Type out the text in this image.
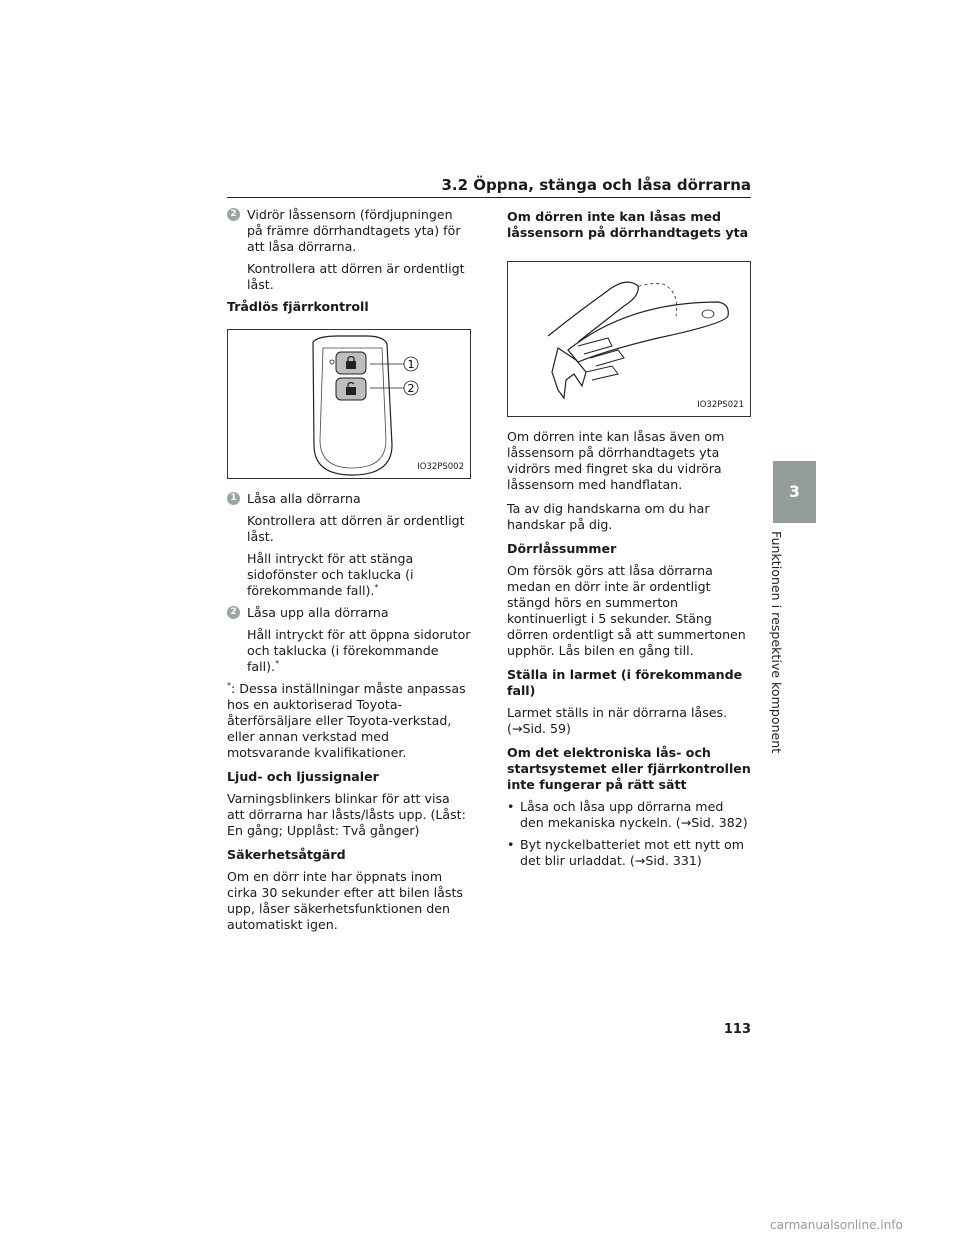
3.2 Öppna, stänga och låsa dörrarna
2 Vidrör låssensorn (fördjupningen på främre dörrhandtagets yta) för att låsa dörrarna.

Kontrollera att dörren är ordentligt låst.

Trådlös fjärrkontroll

1
2
IO32PS002
1 Låsa alla dörrarna

Kontrollera att dörren är ordentligt låst.

Håll intryckt för att stänga sidofönster och taklucka (i förekommande fall).*

2 Låsa upp alla dörrarna

Håll intryckt för att öppna sidorutor och taklucka (i förekommande fall).*

*: Dessa inställningar måste anpassas hos en auktoriserad Toyota-återförsäljare eller Toyota-verkstad, eller annan verkstad med motsvarande kvalifikationer.

Ljud- och ljussignaler

Varningsblinkers blinkar för att visa att dörrarna har låsts/låsts upp. (Låst: En gång; Upplåst: Två gånger)

Säkerhetsåtgärd

Om en dörr inte har öppnats inom cirka 30 sekunder efter att bilen låsts upp, låser säkerhetsfunktionen den automatiskt igen.

Om dörren inte kan låsas med låssensorn på dörrhandtagets yta

IO32PS021

Om dörren inte kan låsas även om låssensorn på dörrhandtagets yta vidrörs med fingret ska du vidröra låssensorn med handflatan.

Ta av dig handskarna om du har handskar på dig.

Dörrlåssummer

Om försök görs att låsa dörrarna medan en dörr inte är ordentligt stängd hörs en summerton kontinuerligt i 5 sekunder. Stäng dörren ordentligt så att summertonen upphör. Lås bilen en gång till.

Ställa in larmet (i förekommande fall)

Larmet ställs in när dörrarna låses. (→Sid. 59)

Om det elektroniska lås- och startsystemet eller fjärrkontrollen inte fungerar på rätt sätt

• Låsa och låsa upp dörrarna med den mekaniska nyckeln. (→Sid. 382)
• Byt nyckelbatteriet mot ett nytt om det blir urladdat. (→Sid. 331)
3
Funktionen i respektive komponent
113
carmanualsonline.info
